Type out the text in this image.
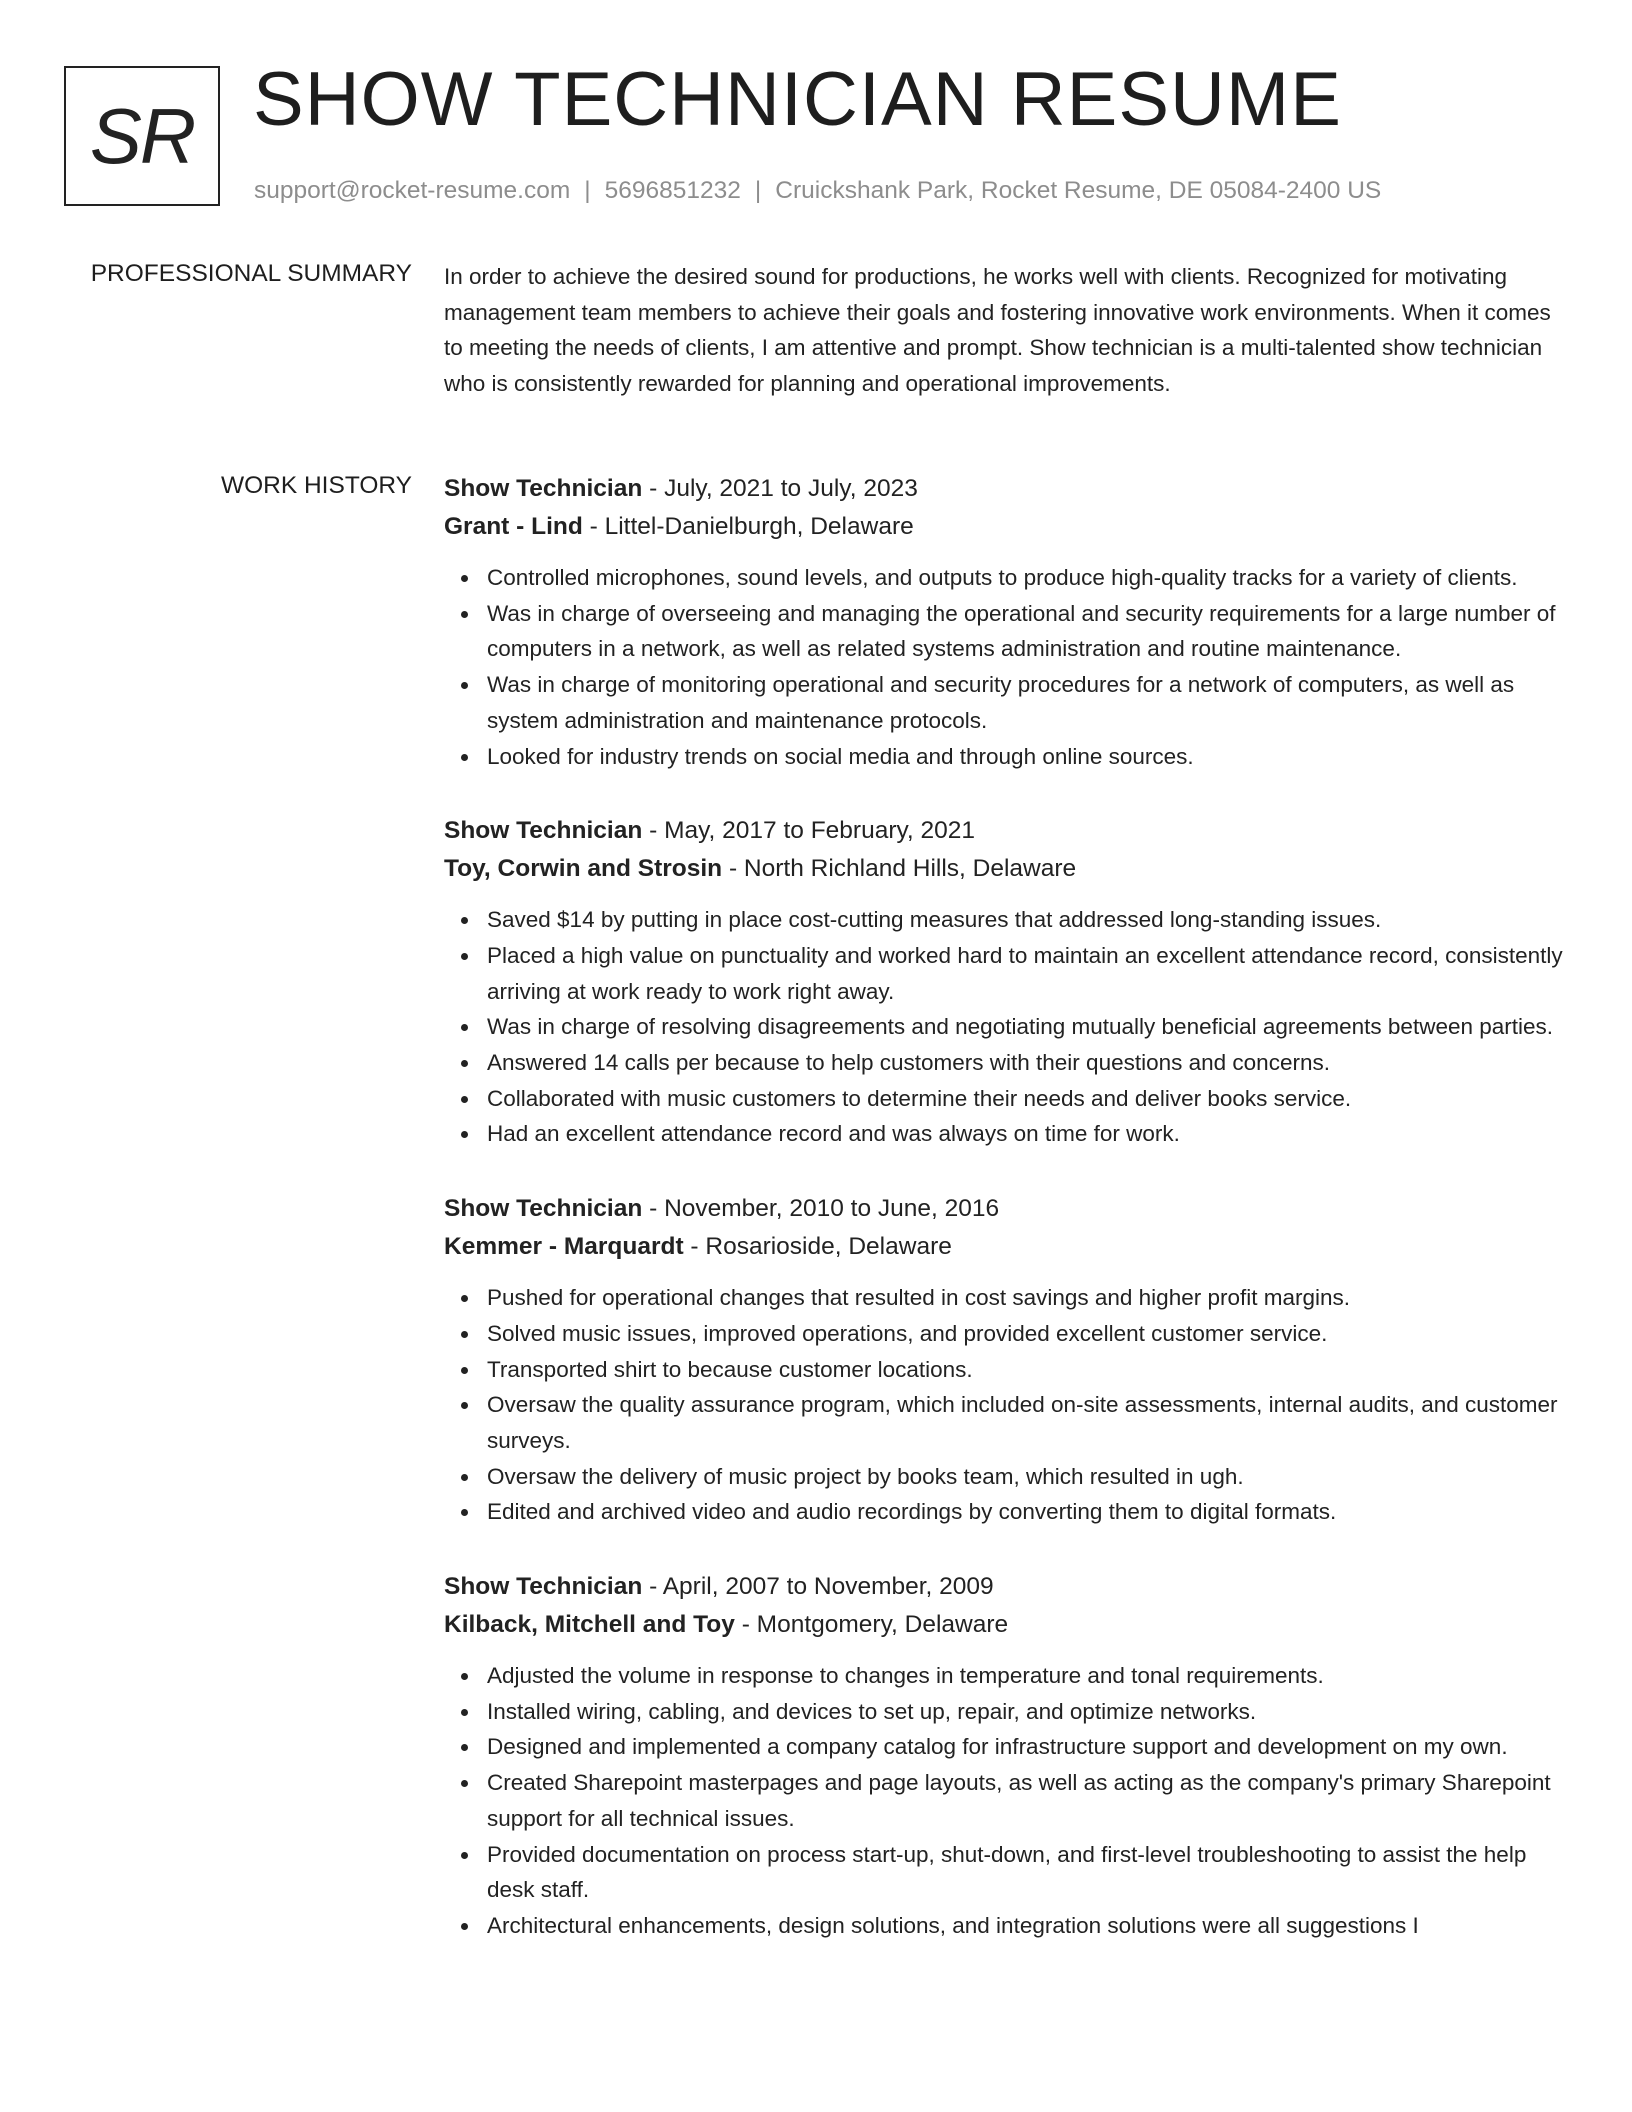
SR SHOW TECHNICIAN RESUME
support@rocket-resume.com | 5696851232 | Cruickshank Park, Rocket Resume, DE 05084-2400 US
PROFESSIONAL SUMMARY In order to achieve the desired sound for productions, he works well with clients. Recognized for motivating management team members to achieve their goals and fostering innovative work environments. When it comes to meeting the needs of clients, I am attentive and prompt. Show technician is a multi-talented show technician who is consistently rewarded for planning and operational improvements.
WORK HISTORY Show Technician - July, 2021 to July, 2023
Grant - Lind - Littel-Danielburgh, Delaware
Controlled microphones, sound levels, and outputs to produce high-quality tracks for a variety of clients.
Was in charge of overseeing and managing the operational and security requirements for a large number of computers in a network, as well as related systems administration and routine maintenance.
Was in charge of monitoring operational and security procedures for a network of computers, as well as system administration and maintenance protocols.
Looked for industry trends on social media and through online sources.
Show Technician - May, 2017 to February, 2021
Toy, Corwin and Strosin - North Richland Hills, Delaware
Saved $14 by putting in place cost-cutting measures that addressed long-standing issues.
Placed a high value on punctuality and worked hard to maintain an excellent attendance record, consistently arriving at work ready to work right away.
Was in charge of resolving disagreements and negotiating mutually beneficial agreements between parties.
Answered 14 calls per because to help customers with their questions and concerns.
Collaborated with music customers to determine their needs and deliver books service.
Had an excellent attendance record and was always on time for work.
Show Technician - November, 2010 to June, 2016
Kemmer - Marquardt - Rosarioside, Delaware
Pushed for operational changes that resulted in cost savings and higher profit margins.
Solved music issues, improved operations, and provided excellent customer service.
Transported shirt to because customer locations.
Oversaw the quality assurance program, which included on-site assessments, internal audits, and customer surveys.
Oversaw the delivery of music project by books team, which resulted in ugh.
Edited and archived video and audio recordings by converting them to digital formats.
Show Technician - April, 2007 to November, 2009
Kilback, Mitchell and Toy - Montgomery, Delaware
Adjusted the volume in response to changes in temperature and tonal requirements.
Installed wiring, cabling, and devices to set up, repair, and optimize networks.
Designed and implemented a company catalog for infrastructure support and development on my own.
Created Sharepoint masterpages and page layouts, as well as acting as the company's primary Sharepoint support for all technical issues.
Provided documentation on process start-up, shut-down, and first-level troubleshooting to assist the help desk staff.
Architectural enhancements, design solutions, and integration solutions were all suggestions I
